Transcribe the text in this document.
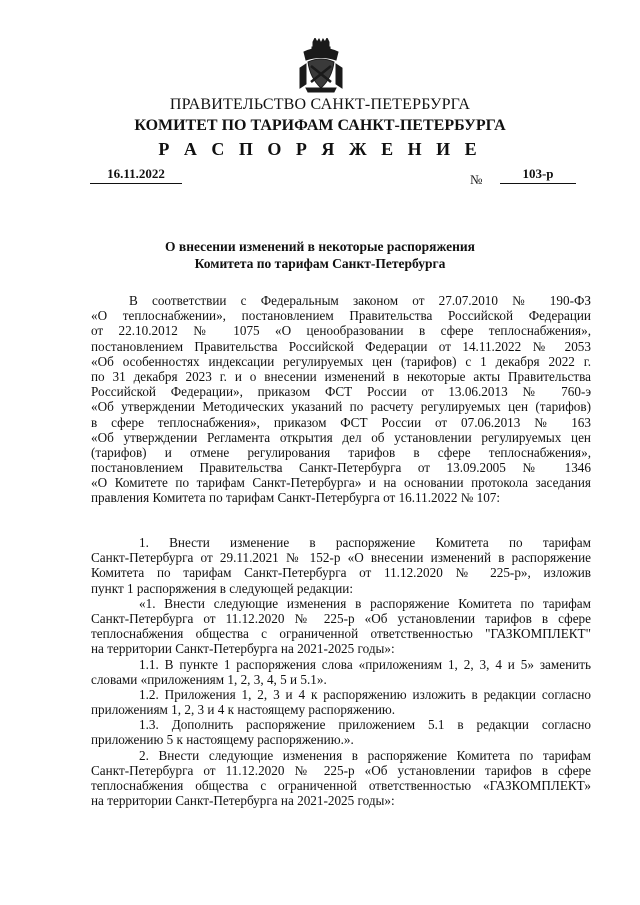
ПРАВИТЕЛЬСТВО САНКТ-ПЕТЕРБУРГА
КОМИТЕТ ПО ТАРИФАМ САНКТ-ПЕТЕРБУРГА
Р А С П О Р Я Ж Е Н И Е
16.11.2022	№	103-р
О внесении изменений в некоторые распоряжения
Комитета по тарифам Санкт-Петербурга
В соответствии с Федеральным законом от 27.07.2010 № 190-ФЗ
«О теплоснабжении», постановлением Правительства Российской Федерации
от 22.10.2012 № 1075 «О ценообразовании в сфере теплоснабжения»,
постановлением Правительства Российской Федерации от 14.11.2022 № 2053
«Об особенностях индексации регулируемых цен (тарифов) с 1 декабря 2022 г.
по 31 декабря 2023 г. и о внесении изменений в некоторые акты Правительства
Российской Федерации», приказом ФСТ России от 13.06.2013 № 760-э
«Об утверждении Методических указаний по расчету регулируемых цен (тарифов)
в сфере теплоснабжения», приказом ФСТ России от 07.06.2013 № 163
«Об утверждении Регламента открытия дел об установлении регулируемых цен
(тарифов) и отмене регулирования тарифов в сфере теплоснабжения»,
постановлением Правительства Санкт-Петербурга от 13.09.2005 № 1346
«О Комитете по тарифам Санкт-Петербурга» и на основании протокола заседания
правления Комитета по тарифам Санкт-Петербурга от 16.11.2022 № 107:
1. Внести изменение в распоряжение Комитета по тарифам
Санкт-Петербурга от 29.11.2021 № 152-р «О внесении изменений в распоряжение
Комитета по тарифам Санкт-Петербурга от 11.12.2020 № 225-р», изложив
пункт 1 распоряжения в следующей редакции:
«1. Внести следующие изменения в распоряжение Комитета по тарифам
Санкт-Петербурга от 11.12.2020 № 225-р «Об установлении тарифов в сфере
теплоснабжения общества с ограниченной ответственностью "ГАЗКОМПЛЕКТ"
на территории Санкт-Петербурга на 2021-2025 годы»:
1.1. В пункте 1 распоряжения слова «приложениям 1, 2, 3, 4 и 5» заменить
словами «приложениям 1, 2, 3, 4, 5 и 5.1».
1.2. Приложения 1, 2, 3 и 4 к распоряжению изложить в редакции согласно
приложениям 1, 2, 3 и 4 к настоящему распоряжению.
1.3. Дополнить распоряжение приложением 5.1 в редакции согласно
приложению 5 к настоящему распоряжению.».
2. Внести следующие изменения в распоряжение Комитета по тарифам
Санкт-Петербурга от 11.12.2020 № 225-р «Об установлении тарифов в сфере
теплоснабжения общества с ограниченной ответственностью «ГАЗКОМПЛЕКТ»
на территории Санкт-Петербурга на 2021-2025 годы»:
